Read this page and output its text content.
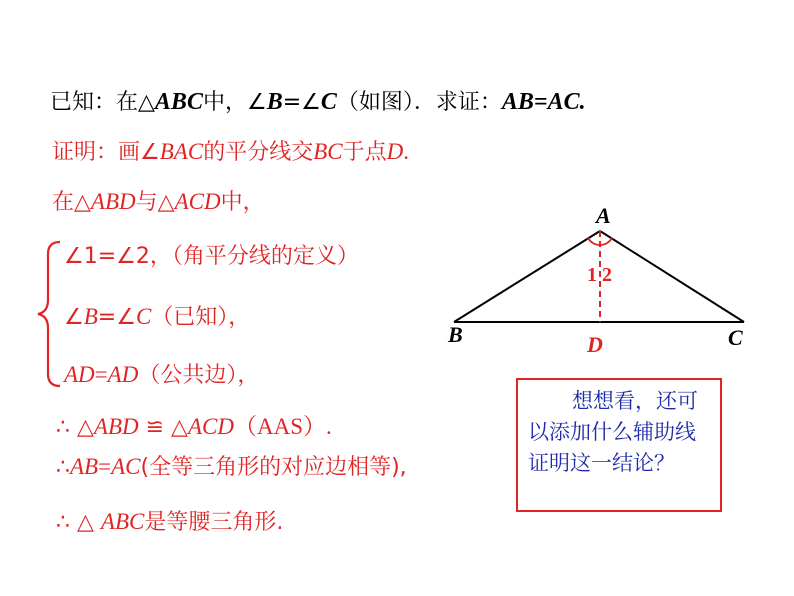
已知：在△ABC中，∠B=∠C（如图）．求证：AB=AC.
证明：画∠BAC的平分线交BC于点D.
在△ABD与△ACD中，
∠1=∠2，（角平分线的定义）
∠B=∠C（已知），
AD=AD（公共边），
∴ △ABD ≌ △ACD（AAS）.
∴AB=AC(全等三角形的对应边相等),
∴ △ ABC是等腰三角形.
A
B	C
D
1 2
想想看，还可以添加什么辅助线证明这一结论？
